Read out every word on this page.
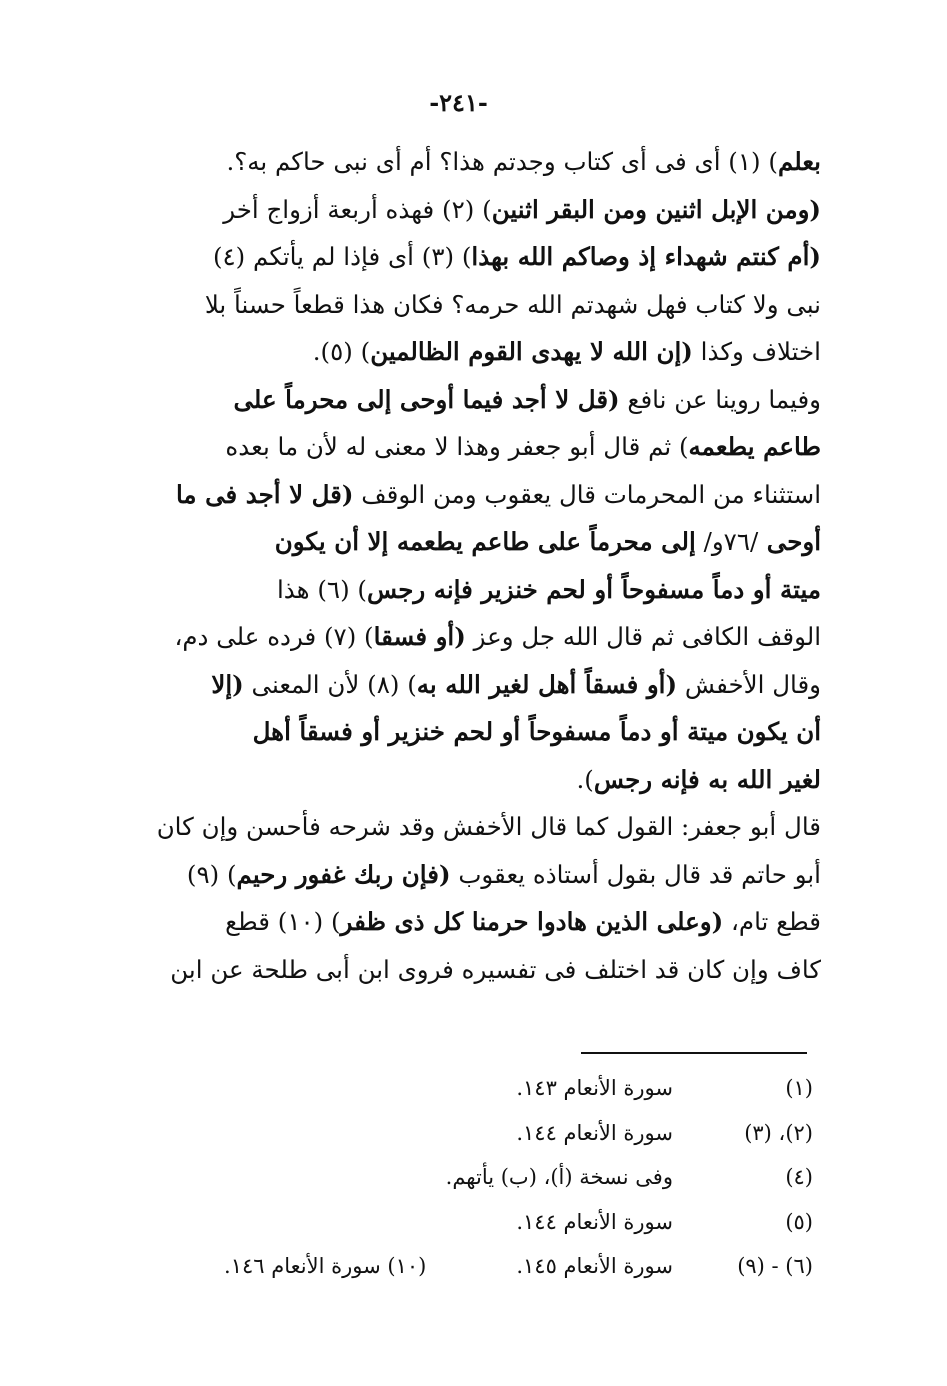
-٢٤١-
بعلم) (١) أى فى أى كتاب وجدتم هذا؟ أم أى نبى حاكم به؟.
(ومن الإبل اثنين ومن البقر اثنين) (٢) فهذه أربعة أزواج أخر
(أم كنتم شهداء إذ وصاكم الله بهذا) (٣) أى فإذا لم يأتكم (٤)
نبى ولا كتاب فهل شهدتم الله حرمه؟ فكان هذا قطعاً حسناً بلا
اختلاف وكذا (إن الله لا يهدى القوم الظالمين) (٥).
وفيما روينا عن نافع (قل لا أجد فيما أوحى إلى محرماً على
طاعم يطعمه) ثم قال أبو جعفر وهذا لا معنى له لأن ما بعده
استثناء من المحرمات قال يعقوب ومن الوقف (قل لا أجد فى ما
أوحى /٧٦و/ إلى محرماً على طاعم يطعمه إلا أن يكون
ميتة أو دماً مسفوحاً أو لحم خنزير فإنه رجس) (٦) هذا
الوقف الكافى ثم قال الله جل وعز (أو فسقا) (٧) فرده على دم،
وقال الأخفش (أو فسقاً أهل لغير الله به) (٨) لأن المعنى (إلا
أن يكون ميتة أو دماً مسفوحاً أو لحم خنزير أو فسقاً أهل
لغير الله به فإنه رجس).
قال أبو جعفر: القول كما قال الأخفش وقد شرحه فأحسن وإن كان
أبو حاتم قد قال بقول أستاذه يعقوب (فإن ربك غفور رحيم) (٩)
قطع تام، (وعلى الذين هادوا حرمنا كل ذى ظفر) (١٠) قطع
كاف وإن كان قد اختلف فى تفسيره فروى ابن أبى طلحة عن ابن
(١)
سورة الأنعام ١٤٣.
(٢)، (٣)
سورة الأنعام ١٤٤.
(٤)
وفى نسخة (أ)، (ب) يأتهم.
(٥)
سورة الأنعام ١٤٤.
(٦) - (٩)
سورة الأنعام ١٤٥.
(١٠) سورة الأنعام ١٤٦.
